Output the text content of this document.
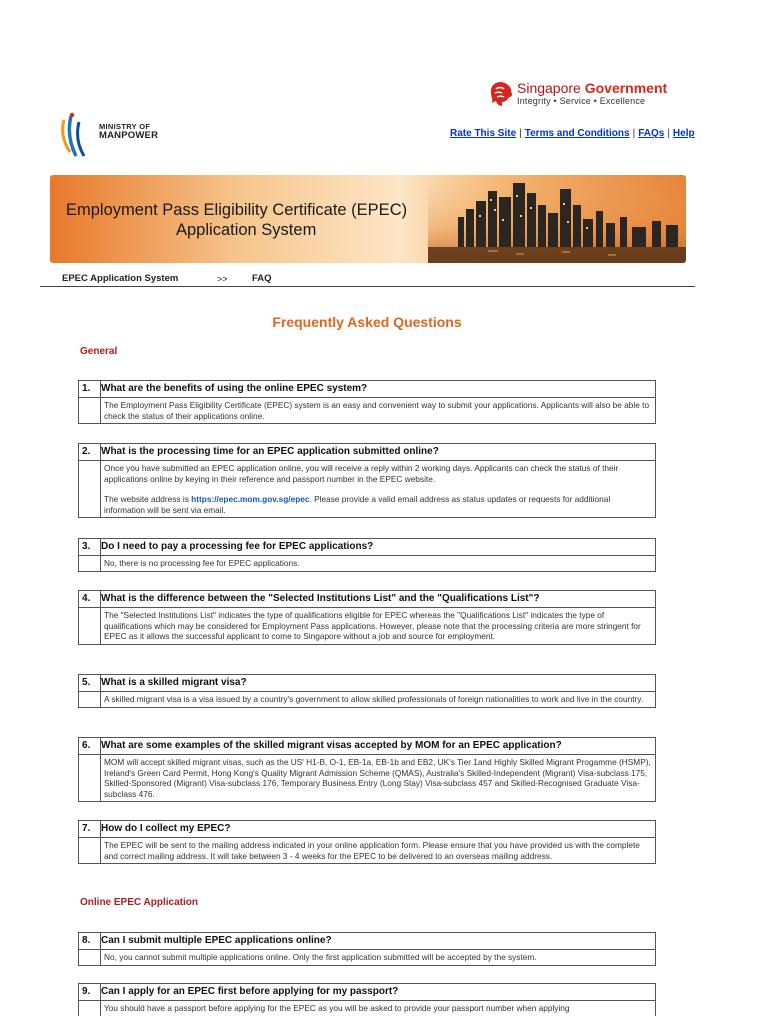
Singapore Government
Integrity • Service • Excellence
MINISTRY OF
MANPOWER	Rate This Site | Terms and Conditions | FAQs | Help
Employment Pass Eligibility Certificate (EPEC)
Application System
EPEC Application System	>>	FAQ
Frequently Asked Questions
General
1. What are the benefits of using the online EPEC system?

The Employment Pass Eligibility Certificate (EPEC) system is an easy and convenient way to submit your applications. Applicants will also be able to check the status of their applications online.

2. What is the processing time for an EPEC application submitted online?

Once you have submitted an EPEC application online, you will receive a reply within 2 working days. Applicants can check the status of their applications online by keying in their reference and passport number in the EPEC website.

The website address is https://epec.mom.gov.sg/epec. Please provide a valid email address as status updates or requests for additional information will be sent via email.

3. Do I need to pay a processing fee for EPEC applications?

No, there is no processing fee for EPEC applications.

4. What is the difference between the "Selected Institutions List" and the "Qualifications List"?

The "Selected Institutions List" indicates the type of qualifications eligible for EPEC whereas the "Qualifications List" indicates the type of qualifications which may be considered for Employment Pass applications. However, please note that the processing criteria are more stringent for EPEC as it allows the successful applicant to come to Singapore without a job and source for employment.

5. What is a skilled migrant visa?

A skilled migrant visa is a visa issued by a country's government to allow skilled professionals of foreign nationalities to work and live in the country.

6. What are some examples of the skilled migrant visas accepted by MOM for an EPEC application?

MOM will accept skilled migrant visas, such as the US' H1-B, O-1, EB-1a, EB-1b and EB2, UK's Tier 1and Highly Skilled Migrant Progamme (HSMP), Ireland's Green Card Permit, Hong Kong's Quality Migrant Admission Scheme (QMAS), Australia's Skilled-Independent (Migrant) Visa-subclass 175, Skilled-Sponsored (Migrant) Visa-subclass 176, Temporary Business Entry (Long Stay) Visa-subclass 457 and Skilled-Recognised Graduate Visa-subclass 476.

7. How do I collect my EPEC?

The EPEC will be sent to the mailing address indicated in your online application form. Please ensure that you have provided us with the complete and correct mailing address. It will take between 3 - 4 weeks for the EPEC to be delivered to an overseas mailing address.

Online EPEC Application
8. Can I submit multiple EPEC applications online?

No, you cannot submit multiple applications online. Only the first application submitted will be accepted by the system.

9. Can I apply for an EPEC first before applying for my passport?

You should have a passport before applying for the EPEC as you will be asked to provide your passport number when applying
